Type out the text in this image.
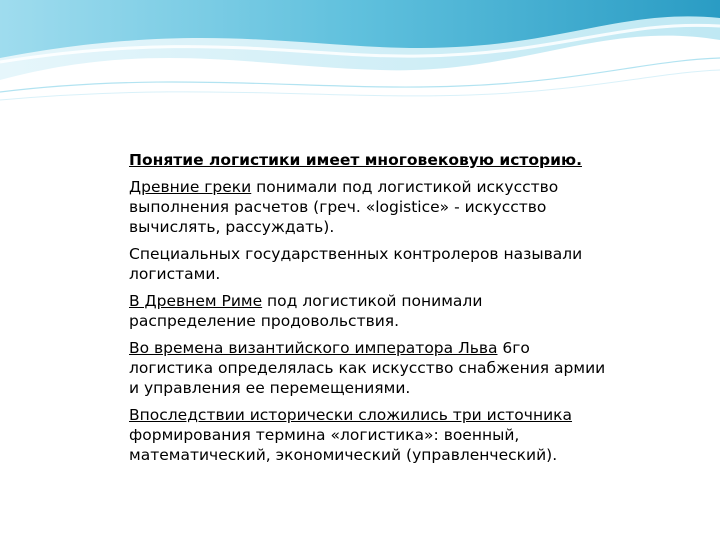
Понятие логистики имеет многовековую историю.

Древние греки понимали под логистикой искусство выполнения расчетов (греч. «logistice» - искусство вычислять, рассуждать).

Специальных государственных контролеров называли логистами.

В Древнем Риме под логистикой понимали распределение продовольствия.

Во времена византийского императора Льва 6го логистика определялась как искусство снабжения армии и управления ее перемещениями.

Впоследствии исторически сложились три источника формирования термина «логистика»: военный, математический, экономический (управленческий).
